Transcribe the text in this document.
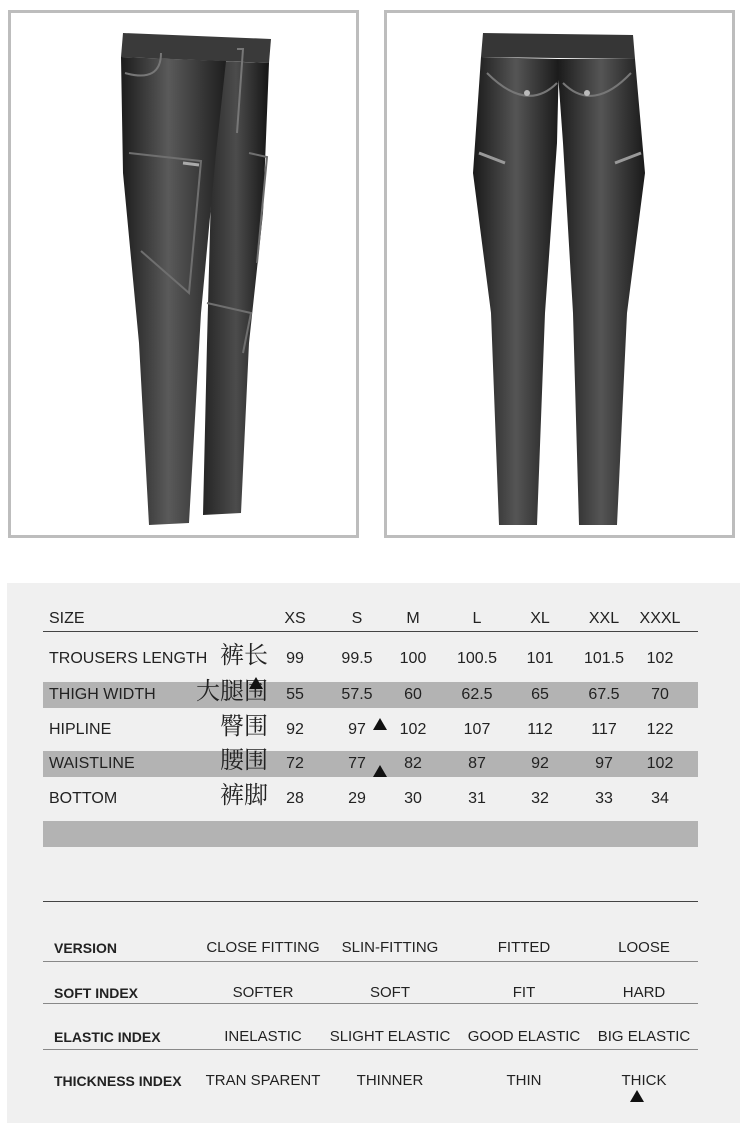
SIZE	XS	S	M	L	XL	XXL	XXXL
TROUSERS LENGTH 裤长	99	99.5	100	100.5	101	101.5	102
THIGH WIDTH 大腿围	55	57.5	60	62.5	65	67.5	70
HIPLINE	臀围	92	97	102	107	112	117	122
WAISTLINE	腰围	72	77	82	87	92	97	102
BOTTOM	裤脚	28	29	30	31	32	33	34
VERSION	CLOSE FITTING	SLIN-FITTING	FITTED	LOOSE
SOFT INDEX	SOFTER	SOFT	FIT	HARD
ELASTIC INDEX	INELASTIC	SLIGHT ELASTIC	GOOD ELASTIC	BIG ELASTIC
THICKNESS INDEX	TRAN SPARENT	THINNER	THIN	THICK
